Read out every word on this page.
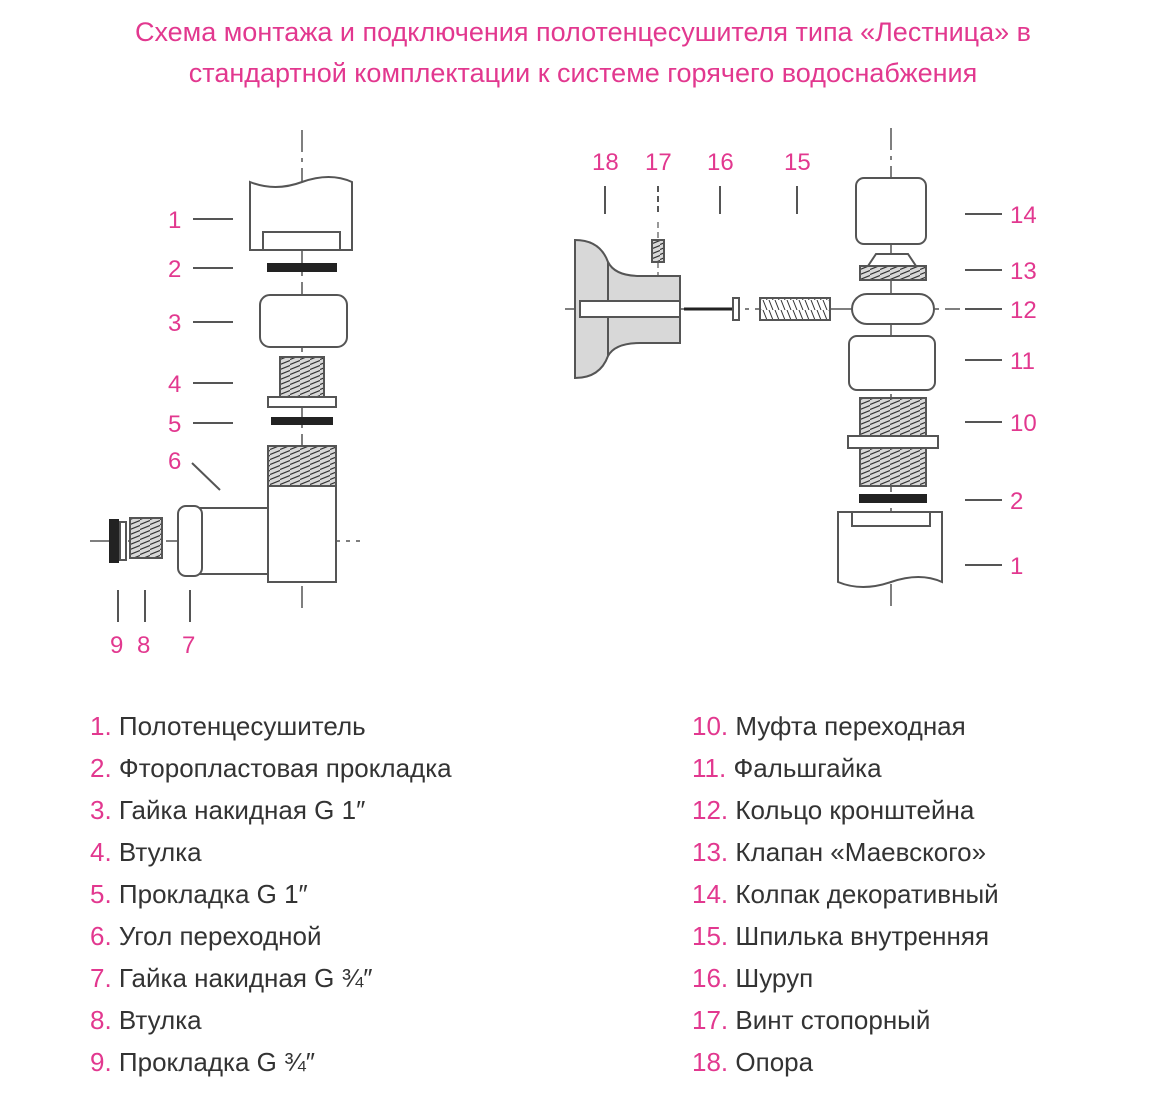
Схема монтажа и подключения полотенцесушителя типа «Лестница» в
стандартной комплектации к системе горячего водоснабжения
1
2
3
4
5
6
9 8 7
18 17 16 15
14
13
12
11
10
2
1
1. Полотенцесушитель
2. Фторопластовая прокладка
3. Гайка накидная G 1″
4. Втулка
5. Прокладка G 1″
6. Угол переходной
7. Гайка накидная G ¾″
8. Втулка
9. Прокладка G ¾″
10. Муфта переходная
11. Фальшгайка
12. Кольцо кронштейна
13. Клапан «Маевского»
14. Колпак декоративный
15. Шпилька внутренняя
16. Шуруп
17. Винт стопорный
18. Опора
